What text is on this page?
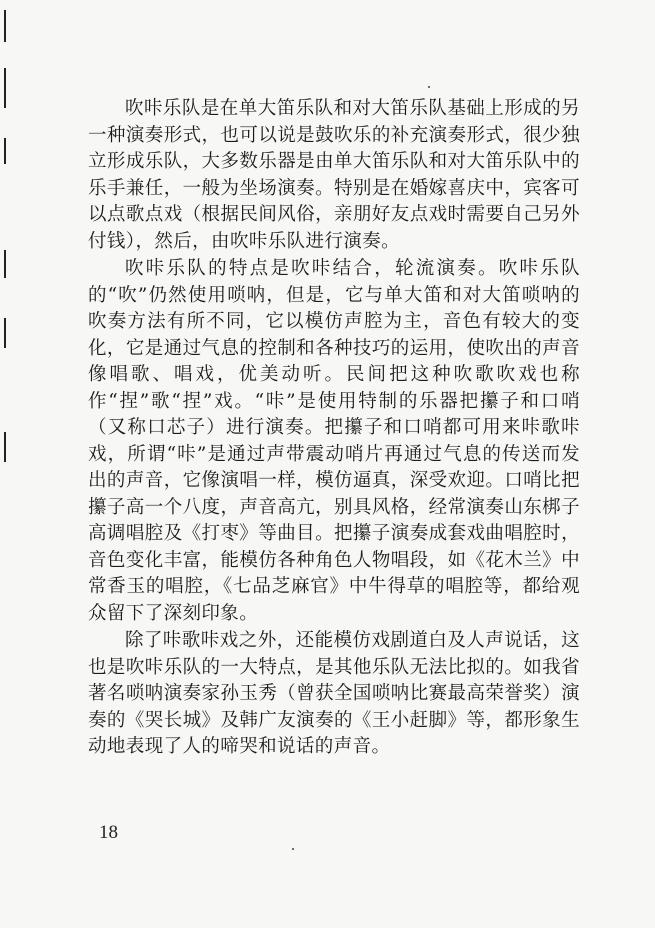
吹咔乐队是在单大笛乐队和对大笛乐队基础上形成的另一种演奏形式，也可以说是鼓吹乐的补充演奏形式，很少独立形成乐队，大多数乐器是由单大笛乐队和对大笛乐队中的乐手兼任，一般为坐场演奏。特别是在婚嫁喜庆中，宾客可以点歌点戏（根据民间风俗，亲朋好友点戏时需要自己另外付钱），然后，由吹咔乐队进行演奏。

吹咔乐队的特点是吹咔结合，轮流演奏。吹咔乐队的“吹”仍然使用唢呐，但是，它与单大笛和对大笛唢呐的吹奏方法有所不同，它以模仿声腔为主，音色有较大的变化，它是通过气息的控制和各种技巧的运用，使吹出的声音像唱歌、唱戏，优美动听。民间把这种吹歌吹戏也称作“捏”歌“捏”戏。“咔”是使用特制的乐器把攥子和口哨（又称口芯子）进行演奏。把攥子和口哨都可用来咔歌咔戏，所谓“咔”是通过声带震动哨片再通过气息的传送而发出的声音，它像演唱一样，模仿逼真，深受欢迎。口哨比把攥子高一个八度，声音高亢，别具风格，经常演奏山东梆子高调唱腔及《打枣》等曲目。把攥子演奏成套戏曲唱腔时，音色变化丰富，能模仿各种角色人物唱段，如《花木兰》中常香玉的唱腔，《七品芝麻官》中牛得草的唱腔等，都给观众留下了深刻印象。

除了咔歌咔戏之外，还能模仿戏剧道白及人声说话，这也是吹咔乐队的一大特点，是其他乐队无法比拟的。如我省著名唢呐演奏家孙玉秀（曾获全国唢呐比赛最高荣誉奖）演奏的《哭长城》及韩广友演奏的《王小赶脚》等，都形象生动地表现了人的啼哭和说话的声音。

18
